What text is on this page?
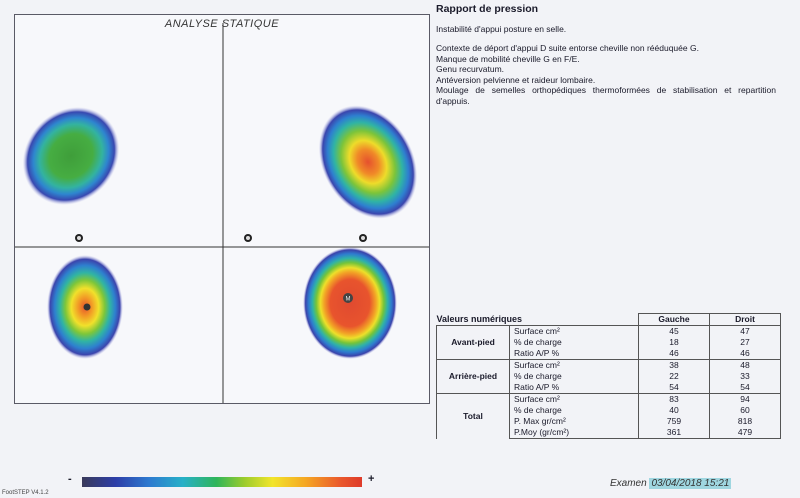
ANALYSE STATIQUE
M
Rapport de pression

Instabilité d'appui posture en selle.

Contexte de déport d'appui D suite entorse cheville non rééduquée G.

Manque de mobilité cheville G en F/E.

Genu recurvatum.

Antéversion pelvienne et raideur lombaire.

Moulage de semelles orthopédiques thermoformées de stabilisation et repartition d'appuis.

Valeurs numériques		Gauche	Droit
Avant-pied	Surface cm²	45	47
	% de charge	18	27
	Ratio A/P %	46	46
Arrière-pied	Surface cm²	38	48
	% de charge	22	33
	Ratio A/P %	54	54
Total	Surface cm²	83	94
	% de charge	40	60
	P. Max gr/cm²	759	818
	P.Moy (gr/cm²)	361	479
-	+	Examen 03/04/2018 15:21
FootSTEP V4.1.2
